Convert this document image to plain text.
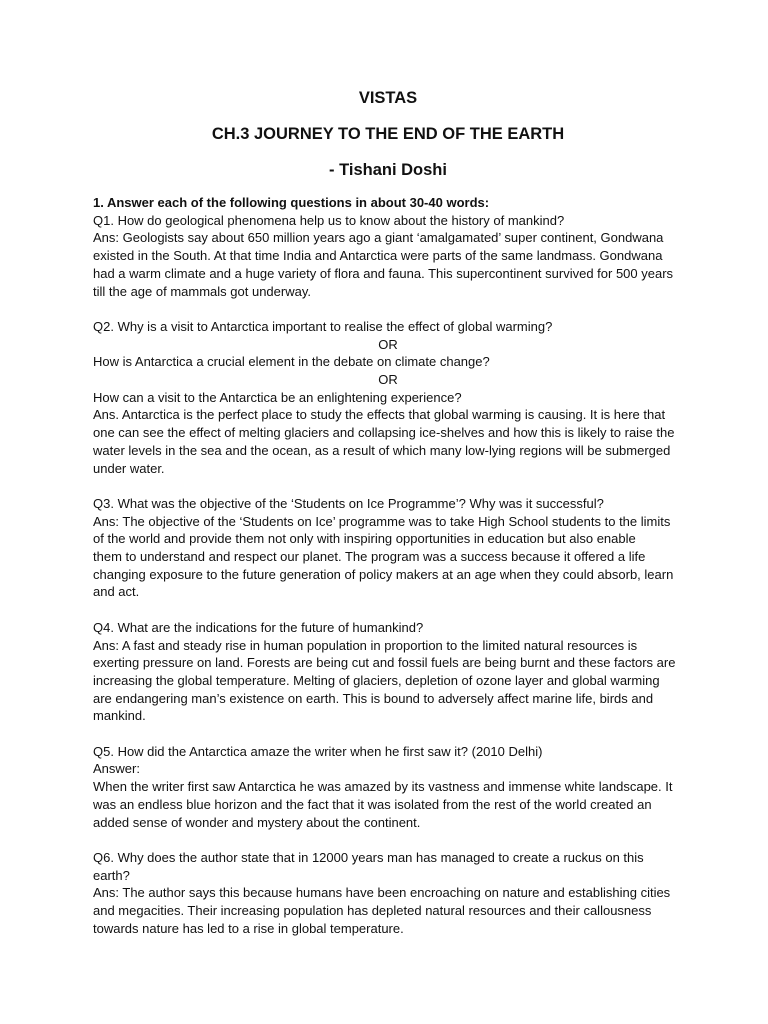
VISTAS

CH.3 JOURNEY TO THE END OF THE EARTH

- Tishani Doshi

1. Answer each of the following questions in about 30-40 words:
Q1. How do geological phenomena help us to know about the history of mankind?
Ans: Geologists say about 650 million years ago a giant ‘amalgamated’ super continent, Gondwana
existed in the South. At that time India and Antarctica were parts of the same landmass. Gondwana
had a warm climate and a huge variety of flora and fauna. This supercontinent survived for 500 years
till the age of mammals got underway.
Q2. Why is a visit to Antarctica important to realise the effect of global warming?
OR
How is Antarctica a crucial element in the debate on climate change?
OR
How can a visit to the Antarctica be an enlightening experience?
Ans. Antarctica is the perfect place to study the effects that global warming is causing. It is here that
one can see the effect of melting glaciers and collapsing ice-shelves and how this is likely to raise the
water levels in the sea and the ocean, as a result of which many low-lying regions will be submerged
under water.
Q3. What was the objective of the ‘Students on Ice Programme’? Why was it successful?
Ans: The objective of the ‘Students on Ice’ programme was to take High School students to the limits
of the world and provide them not only with inspiring opportunities in education but also enable
them to understand and respect our planet. The program was a success because it offered a life
changing exposure to the future generation of policy makers at an age when they could absorb, learn
and act.
Q4. What are the indications for the future of humankind?
Ans: A fast and steady rise in human population in proportion to the limited natural resources is
exerting pressure on land. Forests are being cut and fossil fuels are being burnt and these factors are
increasing the global temperature. Melting of glaciers, depletion of ozone layer and global warming
are endangering man’s existence on earth. This is bound to adversely affect marine life, birds and
mankind.
Q5. How did the Antarctica amaze the writer when he first saw it? (2010 Delhi)
Answer:
When the writer first saw Antarctica he was amazed by its vastness and immense white landscape. It
was an endless blue horizon and the fact that it was isolated from the rest of the world created an
added sense of wonder and mystery about the continent.
Q6. Why does the author state that in 12000 years man has managed to create a ruckus on this
earth?
Ans: The author says this because humans have been encroaching on nature and establishing cities
and megacities. Their increasing population has depleted natural resources and their callousness
towards nature has led to a rise in global temperature.
